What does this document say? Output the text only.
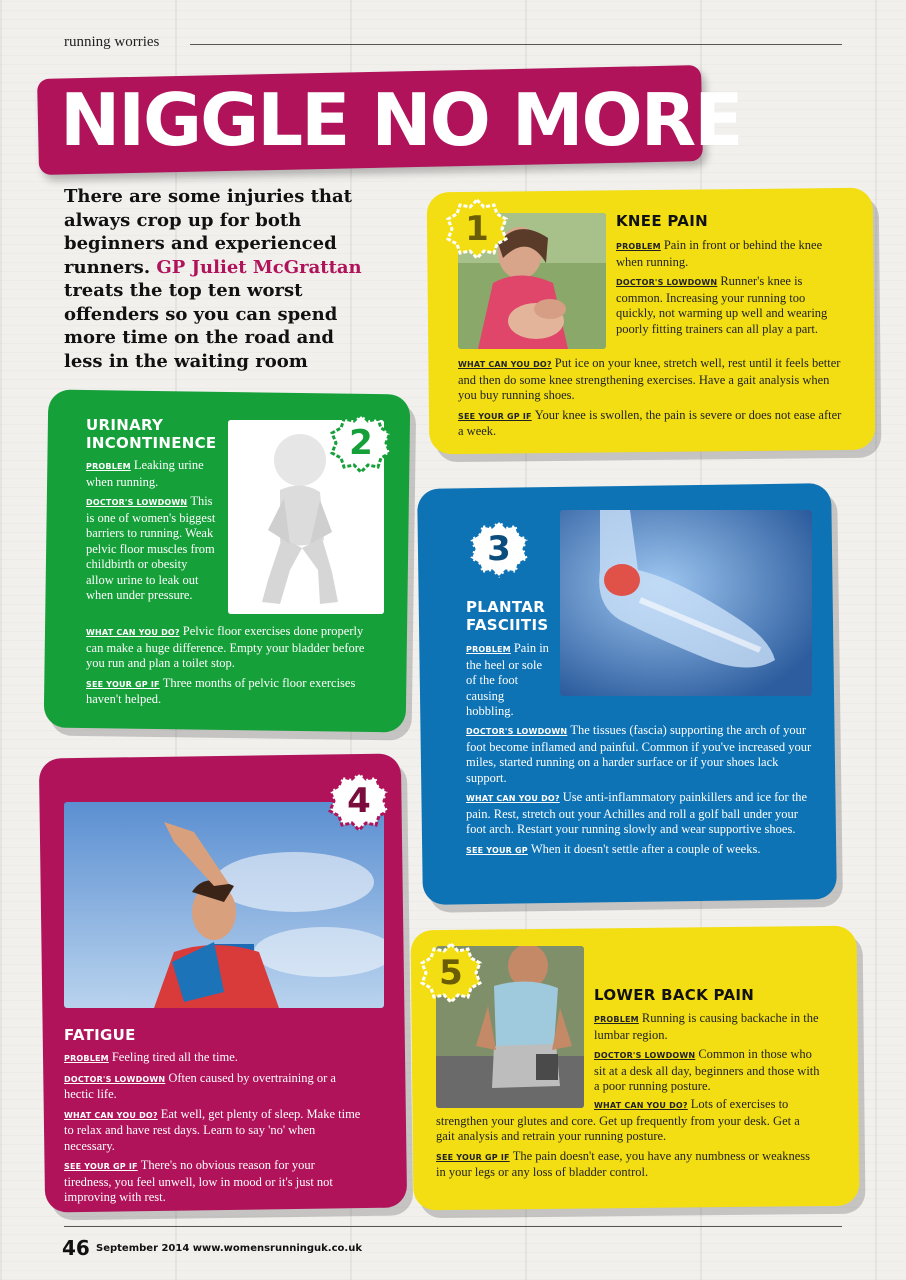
running worries
NIGGLE NO MORE
There are some injuries that always crop up for both beginners and experienced runners. GP Juliet McGrattan treats the top ten worst offenders so you can spend more time on the road and less in the waiting room
1	KNEE PAIN

PROBLEM Pain in front or behind the knee when running.

DOCTOR'S LOWDOWN Runner's knee is common. Increasing your running too quickly, not warming up well and wearing poorly fitting trainers can all play a part.

WHAT CAN YOU DO? Put ice on your knee, stretch well, rest until it feels better and then do some knee strengthening exercises. Have a gait analysis when you buy running shoes.

SEE YOUR GP IF Your knee is swollen, the pain is severe or does not ease after a week.

2
URINARY
INCONTINENCE

PROBLEM Leaking urine when running.

DOCTOR'S LOWDOWN This is one of women's biggest barriers to running. Weak pelvic floor muscles from childbirth or obesity allow urine to leak out when under pressure.

WHAT CAN YOU DO? Pelvic floor exercises done properly can make a huge difference. Empty your bladder before you run and plan a toilet stop.

SEE YOUR GP IF Three months of pelvic floor exercises haven't helped.

3
PLANTAR
FASCIITIS

PROBLEM Pain in the heel or sole of the foot causing hobbling.

DOCTOR'S LOWDOWN The tissues (fascia) supporting the arch of your foot become inflamed and painful. Common if you've increased your miles, started running on a harder surface or if your shoes lack support.

WHAT CAN YOU DO? Use anti-inflammatory painkillers and ice for the pain. Rest, stretch out your Achilles and roll a golf ball under your foot arch. Restart your running slowly and wear supportive shoes.

SEE YOUR GP When it doesn't settle after a couple of weeks.

4
FATIGUE

PROBLEM Feeling tired all the time.

DOCTOR'S LOWDOWN Often caused by overtraining or a hectic life.

WHAT CAN YOU DO? Eat well, get plenty of sleep. Make time to relax and have rest days. Learn to say 'no' when necessary.

SEE YOUR GP IF There's no obvious reason for your tiredness, you feel unwell, low in mood or it's just not improving with rest.

5
LOWER BACK PAIN

PROBLEM Running is causing backache in the lumbar region.

DOCTOR'S LOWDOWN Common in those who sit at a desk all day, beginners and those with a poor running posture.

WHAT CAN YOU DO? Lots of exercises to strengthen your glutes and core. Get up frequently from your desk. Get a gait analysis and retrain your running posture.

SEE YOUR GP IF The pain doesn't ease, you have any numbness or weakness in your legs or any loss of bladder control.

46 September 2014 www.womensrunninguk.co.uk
